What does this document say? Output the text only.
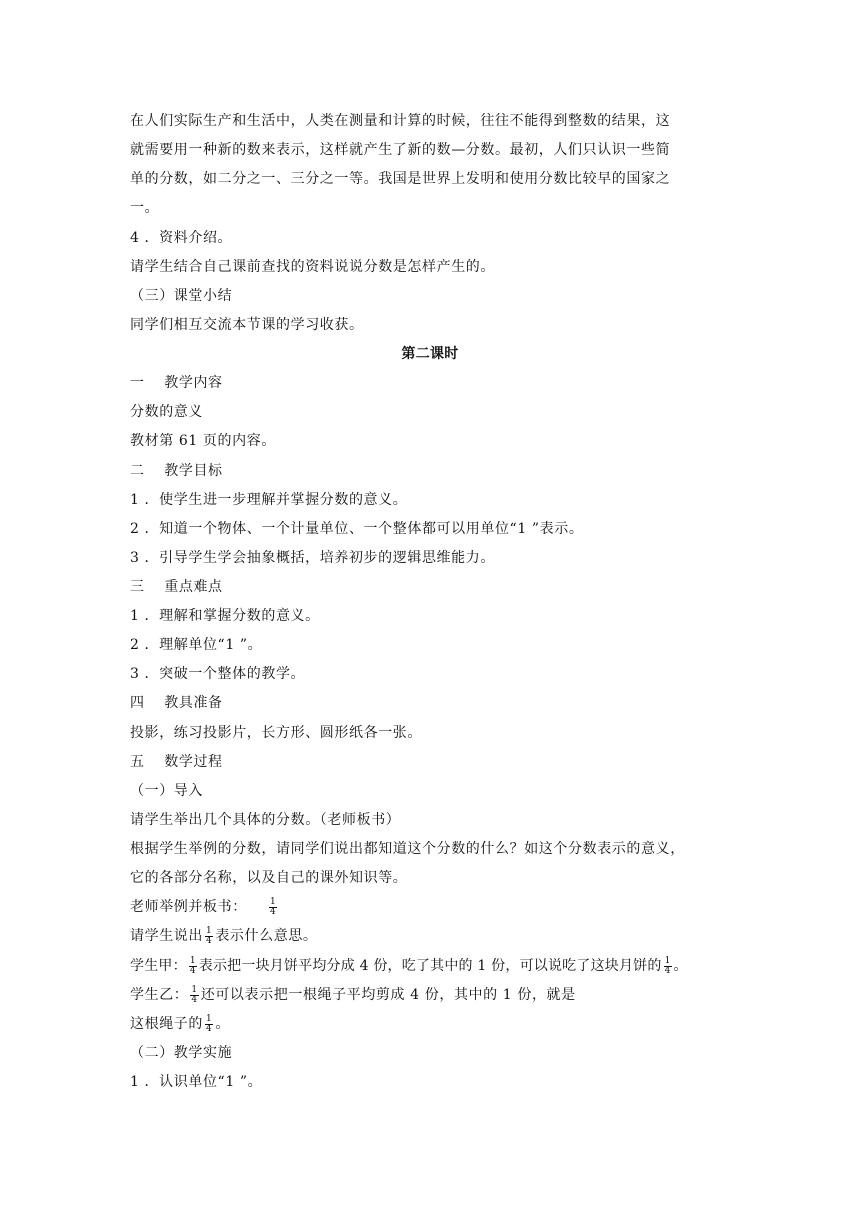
在人们实际生产和生活中，人类在测量和计算的时候，往往不能得到整数的结果，这
就需要用一种新的数来表示，这样就产生了新的数—分数。最初，人们只认识一些简
单的分数，如二分之一、三分之一等。我国是世界上发明和使用分数比较早的国家之
一。
4 ．资料介绍。
请学生结合自己课前查找的资料说说分数是怎样产生的。
（三）课堂小结
同学们相互交流本节课的学习收获。
第二课时
一　 教学内容
分数的意义
教材第 61 页的内容。
二　 教学目标
1 ．使学生进一步理解并掌握分数的意义。
2 ．知道一个物体、一个计量单位、一个整体都可以用单位“1 ”表示。
3 ．引导学生学会抽象概括，培养初步的逻辑思维能力。
三　 重点难点
1 ．理解和掌握分数的意义。
2 ．理解单位“1 ”。
3 ．突破一个整体的教学。
四　 教具准备
投影，练习投影片，长方形、圆形纸各一张。
五　 数学过程
（一）导入
请学生举出几个具体的分数。（老师板书）
根据学生举例的分数，请同学们说出都知道这个分数的什么？如这个分数表示的意义，
它的各部分名称，以及自己的课外知识等。
老师举例并板书： $\frac{1}{4}$
请学生说出 $\frac{1}{4}$ 表示什么意思。
学生甲： $\frac{1}{4}$ 表示把一块月饼平均分成 4 份，吃了其中的 1 份，可以说吃了这块月饼的 $\frac{1}{4}$ 。
学生乙： $\frac{1}{4}$ 还可以表示把一根绳子平均剪成 4 份，其中的 1 份，就是
这根绳子的 $\frac{1}{4}$ 。
（二）教学实施
1 ．认识单位“1 ”。
